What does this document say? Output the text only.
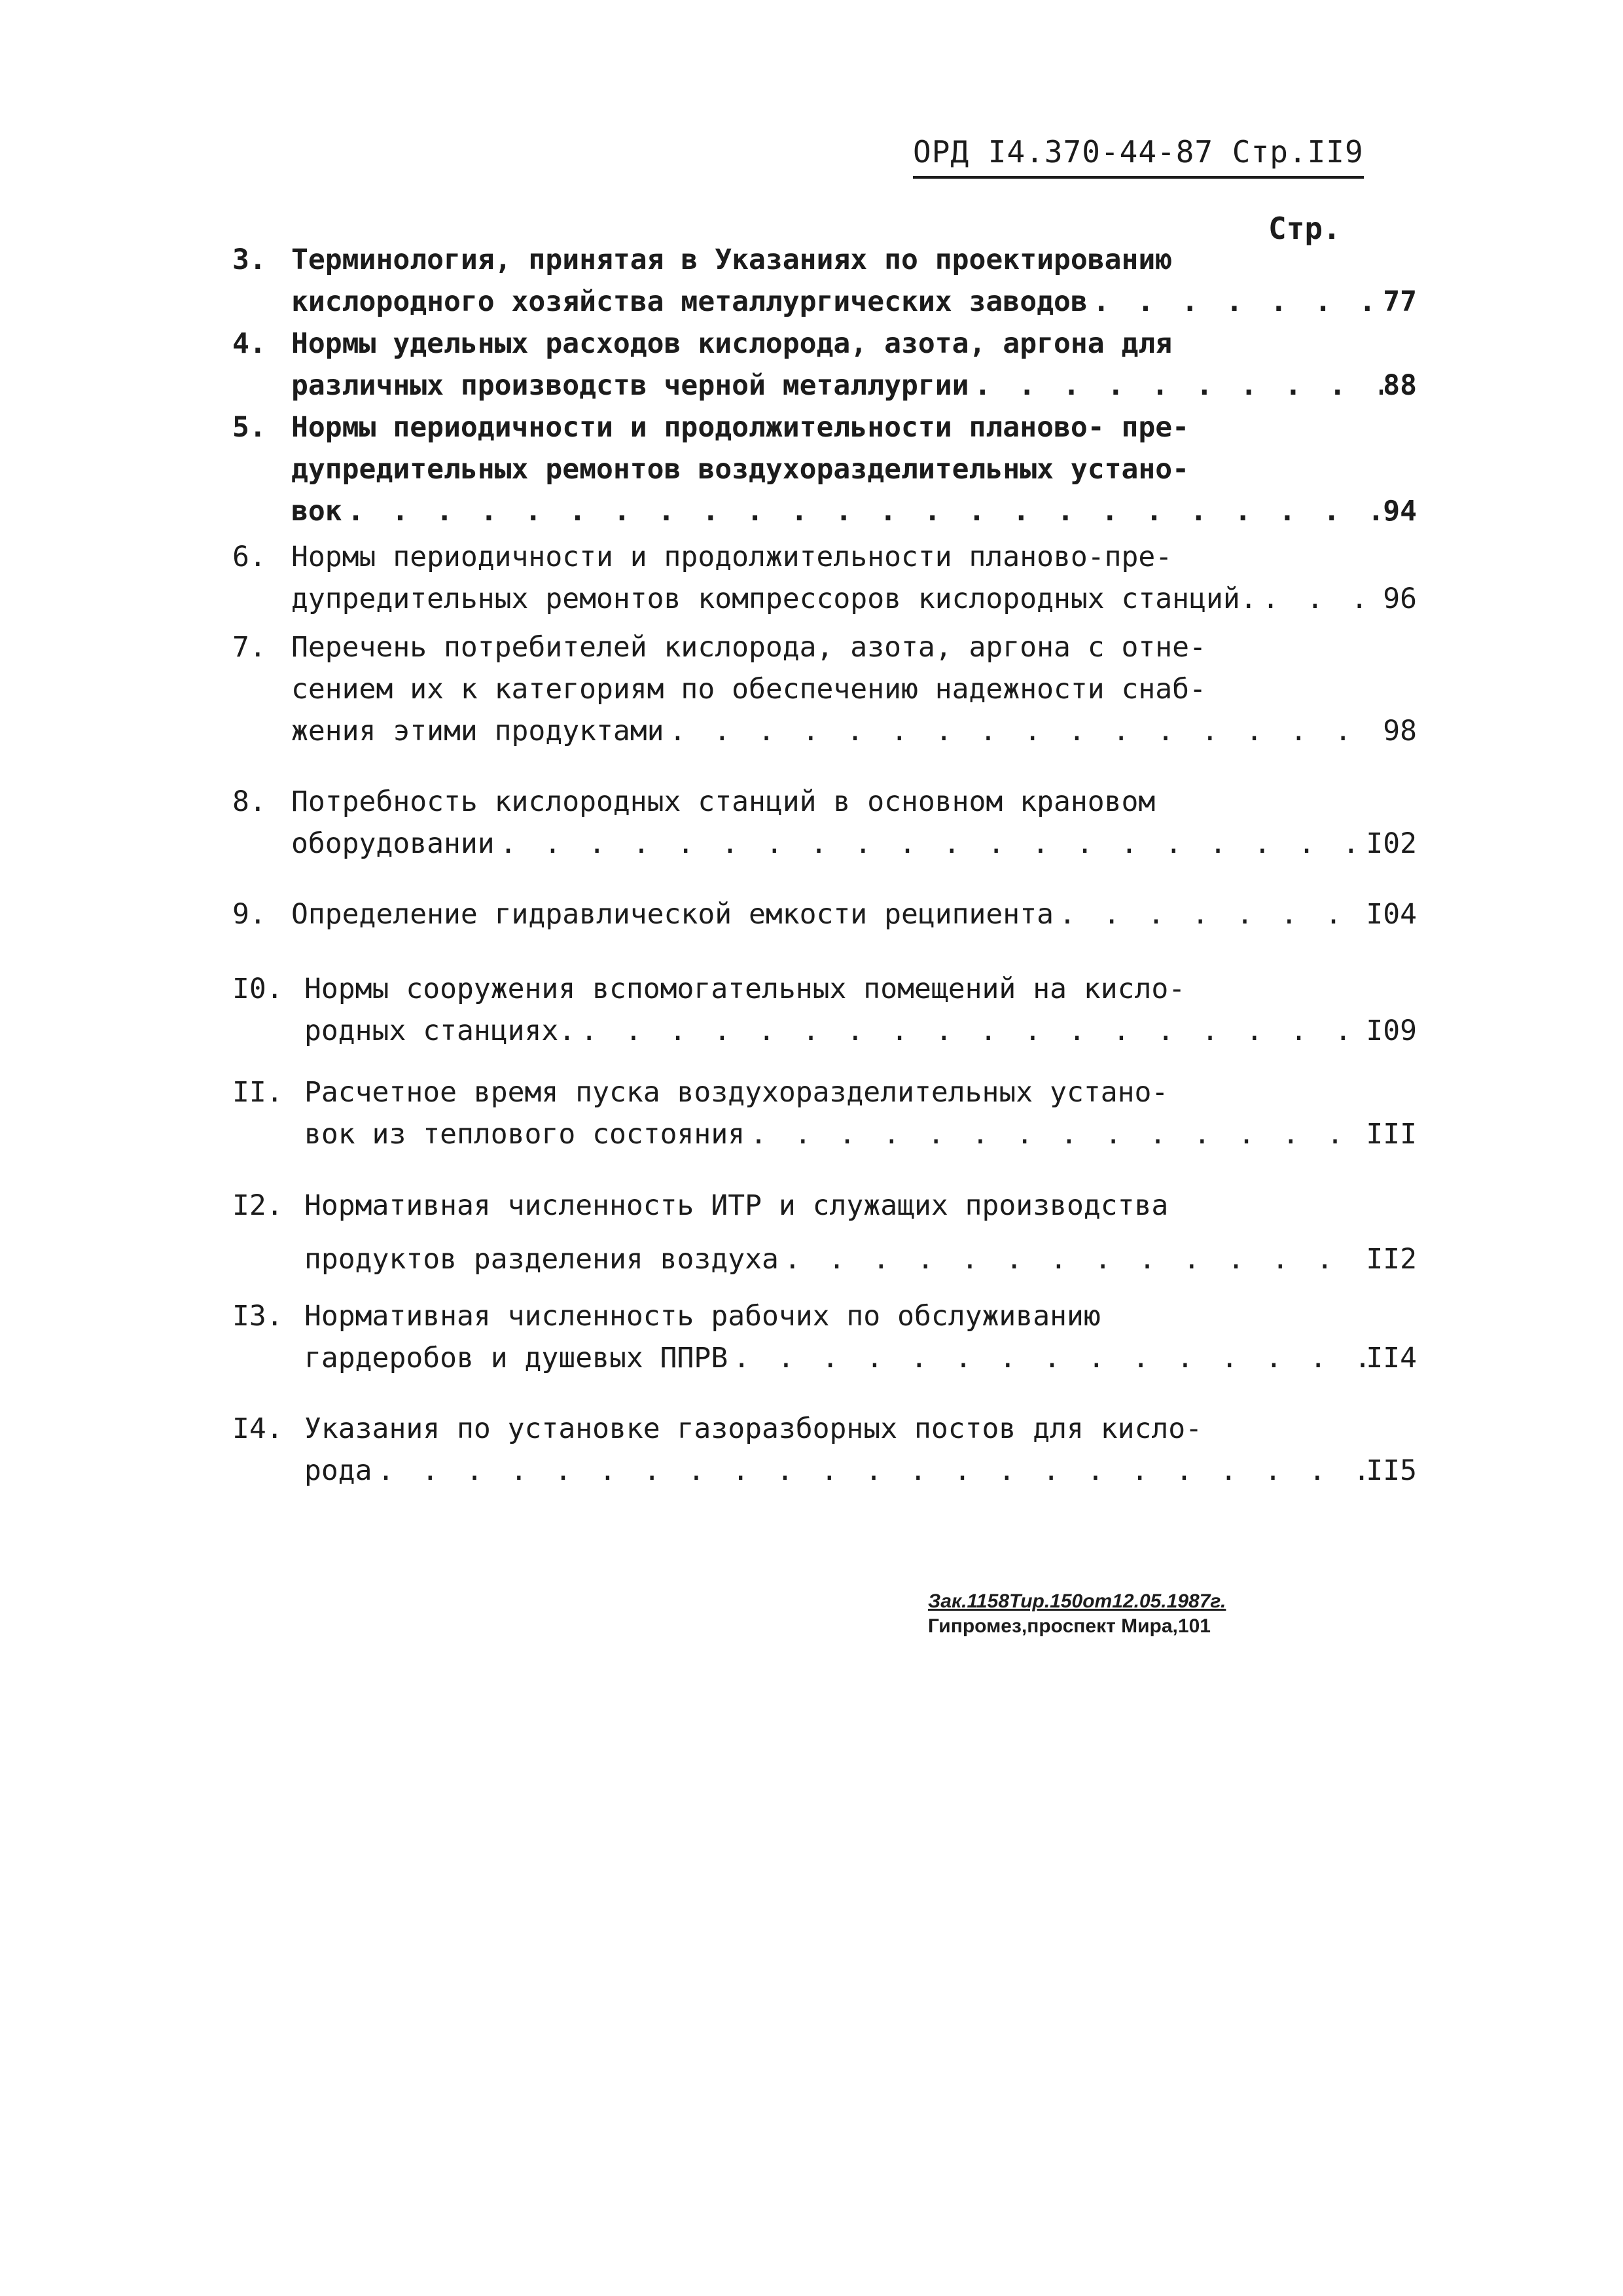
ОРД I4.370-44-87 Стр.II9
Стр.
3. Терминология, принятая в Указаниях по проектированию
кислородного хозяйства металлургических заводов . . .	77
4. Нормы удельных расходов кислорода, азота, аргона для
различных производств черной металлургии . . .	88
5. Нормы периодичности и продолжительности планово- пре-
дупредительных ремонтов воздухоразделительных устано-
вок . . .	94
6. Нормы периодичности и продолжительности планово-пре-
дупредительных ремонтов компрессоров кислородных станций. . . .	96
7. Перечень потребителей кислорода, азота, аргона с отне-
сением их к категориям по обеспечению надежности снаб-
жения этими продуктами . . .	98
8. Потребность кислородных станций в основном крановом
оборудовании . . .	I02
9. Определение гидравлической емкости реципиента . . .	I04
I0. Нормы сооружения вспомогательных помещений на кисло-
родных станциях. . . .	I09
II. Расчетное время пуска воздухоразделительных устано-
вок из теплового состояния . . .	III
I2. Нормативная численность ИТР и служащих производства
продуктов разделения воздуха . . .	II2
I3. Нормативная численность рабочих по обслуживанию
гардеробов и душевых ППРВ . . .	II4
I4. Указания по установке газоразборных постов для кисло-
рода . . .	II5
Зак.1158Тир.150от12.05.1987г.
Гипромез,проспект Мира,101
